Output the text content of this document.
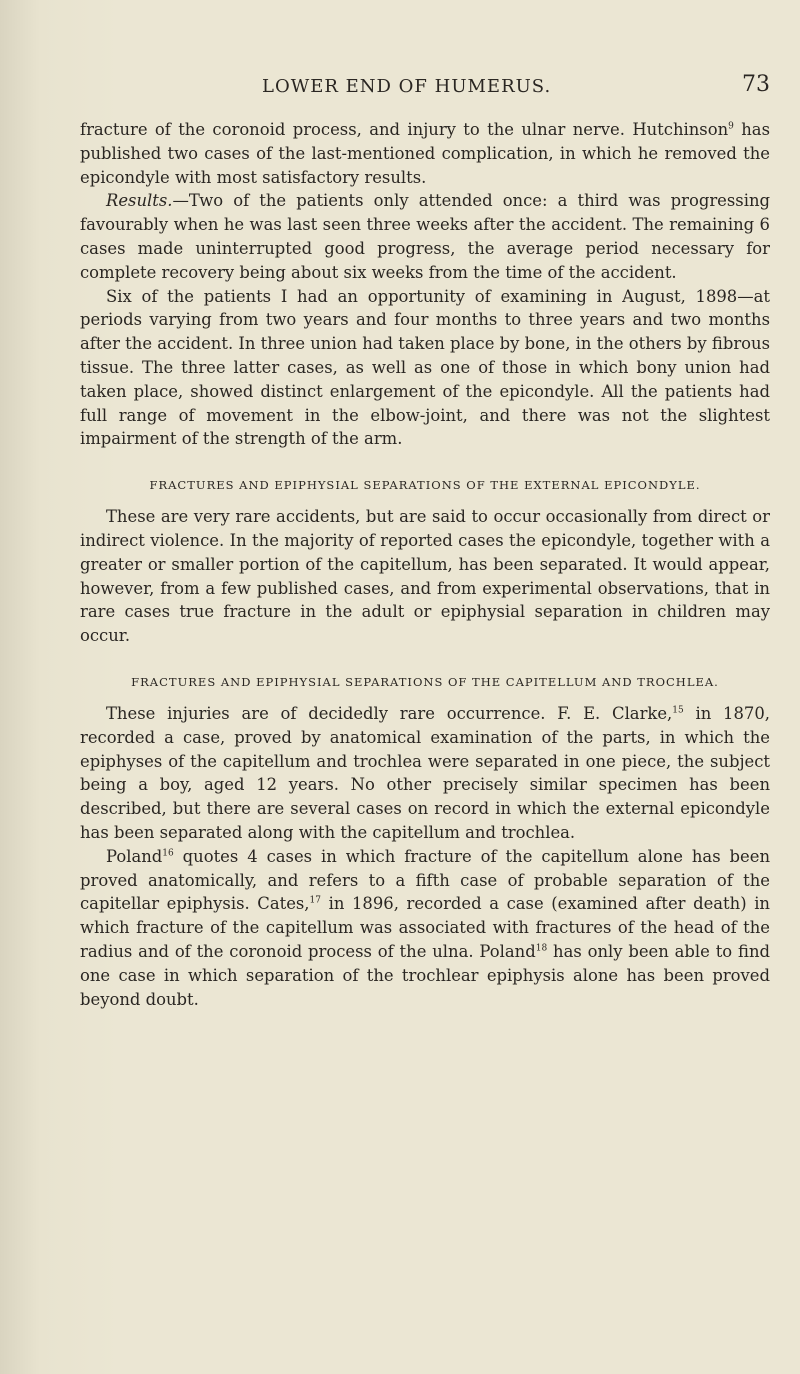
LOWER END OF HUMERUS.	73

fracture of the coronoid process, and injury to the ulnar nerve. Hutchinson$^9$ has published two cases of the last-mentioned complication, in which he removed the epicondyle with most satisfactory results.

Results.—Two of the patients only attended once: a third was progressing favourably when he was last seen three weeks after the accident. The remaining 6 cases made uninterrupted good progress, the average period necessary for complete recovery being about six weeks from the time of the accident.

Six of the patients I had an opportunity of examining in August, 1898—at periods varying from two years and four months to three years and two months after the accident. In three union had taken place by bone, in the others by fibrous tissue. The three latter cases, as well as one of those in which bony union had taken place, showed distinct enlargement of the epicondyle. All the patients had full range of movement in the elbow-joint, and there was not the slightest impairment of the strength of the arm.

FRACTURES AND EPIPHYSIAL SEPARATIONS OF THE EXTERNAL EPICONDYLE.

These are very rare accidents, but are said to occur occasionally from direct or indirect violence. In the majority of reported cases the epicondyle, together with a greater or smaller portion of the capitellum, has been separated. It would appear, however, from a few published cases, and from experimental observations, that in rare cases true fracture in the adult or epiphysial separation in children may occur.

FRACTURES AND EPIPHYSIAL SEPARATIONS OF THE CAPITELLUM AND TROCHLEA.

These injuries are of decidedly rare occurrence. F. E. Clarke,$^{15}$ in 1870, recorded a case, proved by anatomical examination of the parts, in which the epiphyses of the capitellum and trochlea were separated in one piece, the subject being a boy, aged 12 years. No other precisely similar specimen has been described, but there are several cases on record in which the external epicondyle has been separated along with the capitellum and trochlea.

Poland$^{16}$ quotes 4 cases in which fracture of the capitellum alone has been proved anatomically, and refers to a fifth case of probable separation of the capitellar epiphysis. Cates,$^{17}$ in 1896, recorded a case (examined after death) in which fracture of the capitellum was associated with fractures of the head of the radius and of the coronoid process of the ulna. Poland$^{18}$ has only been able to find one case in which separation of the trochlear epiphysis alone has been proved beyond doubt.
